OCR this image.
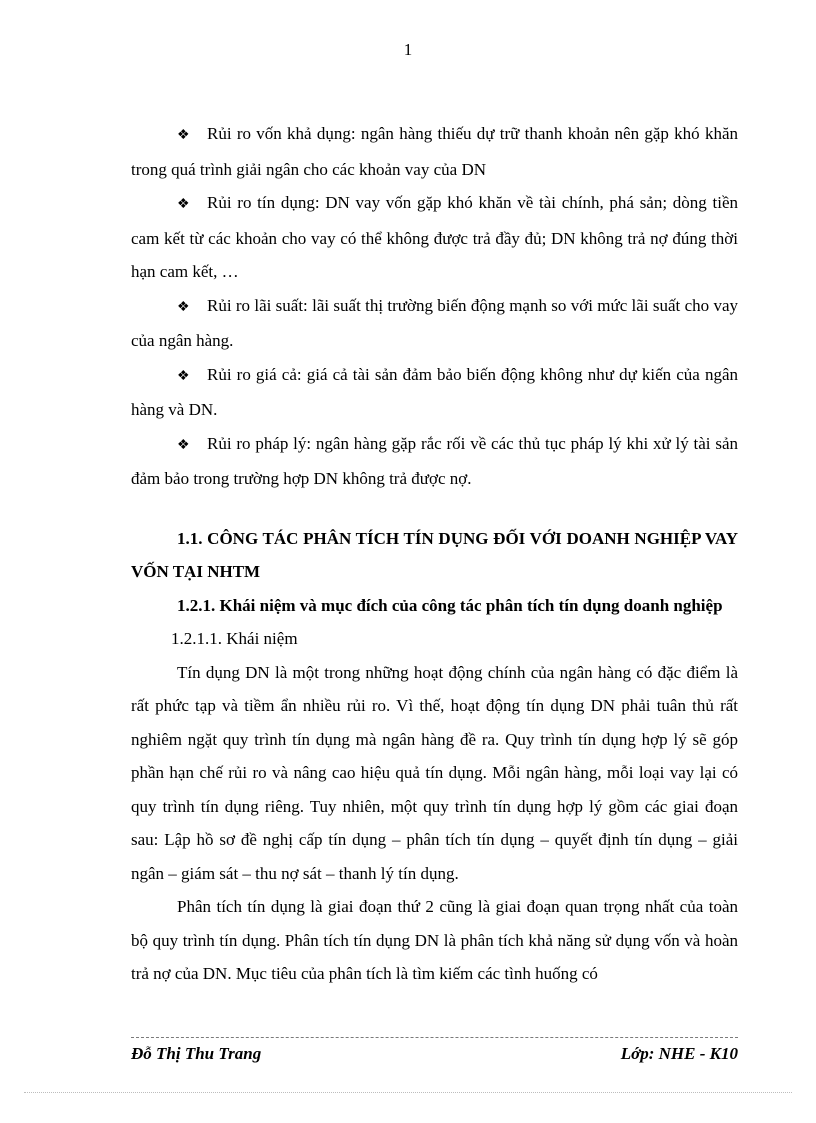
1

❖ Rủi ro vốn khả dụng: ngân hàng thiếu dự trữ thanh khoản nên gặp khó khăn trong quá trình giải ngân cho các khoản vay của DN

❖ Rủi ro tín dụng: DN vay vốn gặp khó khăn về tài chính, phá sản; dòng tiền cam kết từ các khoản cho vay có thể không được trả đầy đủ; DN không trả nợ đúng thời hạn cam kết, …

❖ Rủi ro lãi suất: lãi suất thị trường biến động mạnh so với mức lãi suất cho vay của ngân hàng.

❖ Rủi ro giá cả: giá cả tài sản đảm bảo biến động không như dự kiến của ngân hàng và DN.

❖ Rủi ro pháp lý: ngân hàng gặp rắc rối về các thủ tục pháp lý khi xử lý tài sản đảm bảo trong trường hợp DN không trả được nợ.

1.1. CÔNG TÁC PHÂN TÍCH TÍN DỤNG ĐỐI VỚI DOANH NGHIỆP VAY VỐN TẠI NHTM

1.2.1. Khái niệm và mục đích của công tác phân tích tín dụng doanh nghiệp

1.2.1.1. Khái niệm

Tín dụng DN là một trong những hoạt động chính của ngân hàng có đặc điểm là rất phức tạp và tiềm ẩn nhiều rủi ro. Vì thế, hoạt động tín dụng DN phải tuân thủ rất nghiêm ngặt quy trình tín dụng mà ngân hàng đề ra. Quy trình tín dụng hợp lý sẽ góp phần hạn chế rủi ro và nâng cao hiệu quả tín dụng. Mỗi ngân hàng, mỗi loại vay lại có quy trình tín dụng riêng. Tuy nhiên, một quy trình tín dụng hợp lý gồm các giai đoạn sau: Lập hồ sơ đề nghị cấp tín dụng – phân tích tín dụng – quyết định tín dụng – giải ngân – giám sát – thu nợ sát – thanh lý tín dụng.

Phân tích tín dụng là giai đoạn thứ 2 cũng là giai đoạn quan trọng nhất của toàn bộ quy trình tín dụng. Phân tích tín dụng DN là phân tích khả năng sử dụng vốn và hoàn trả nợ của DN. Mục tiêu của phân tích là tìm kiếm các tình huống có

Đỗ Thị Thu Trang	Lớp: NHE - K10
